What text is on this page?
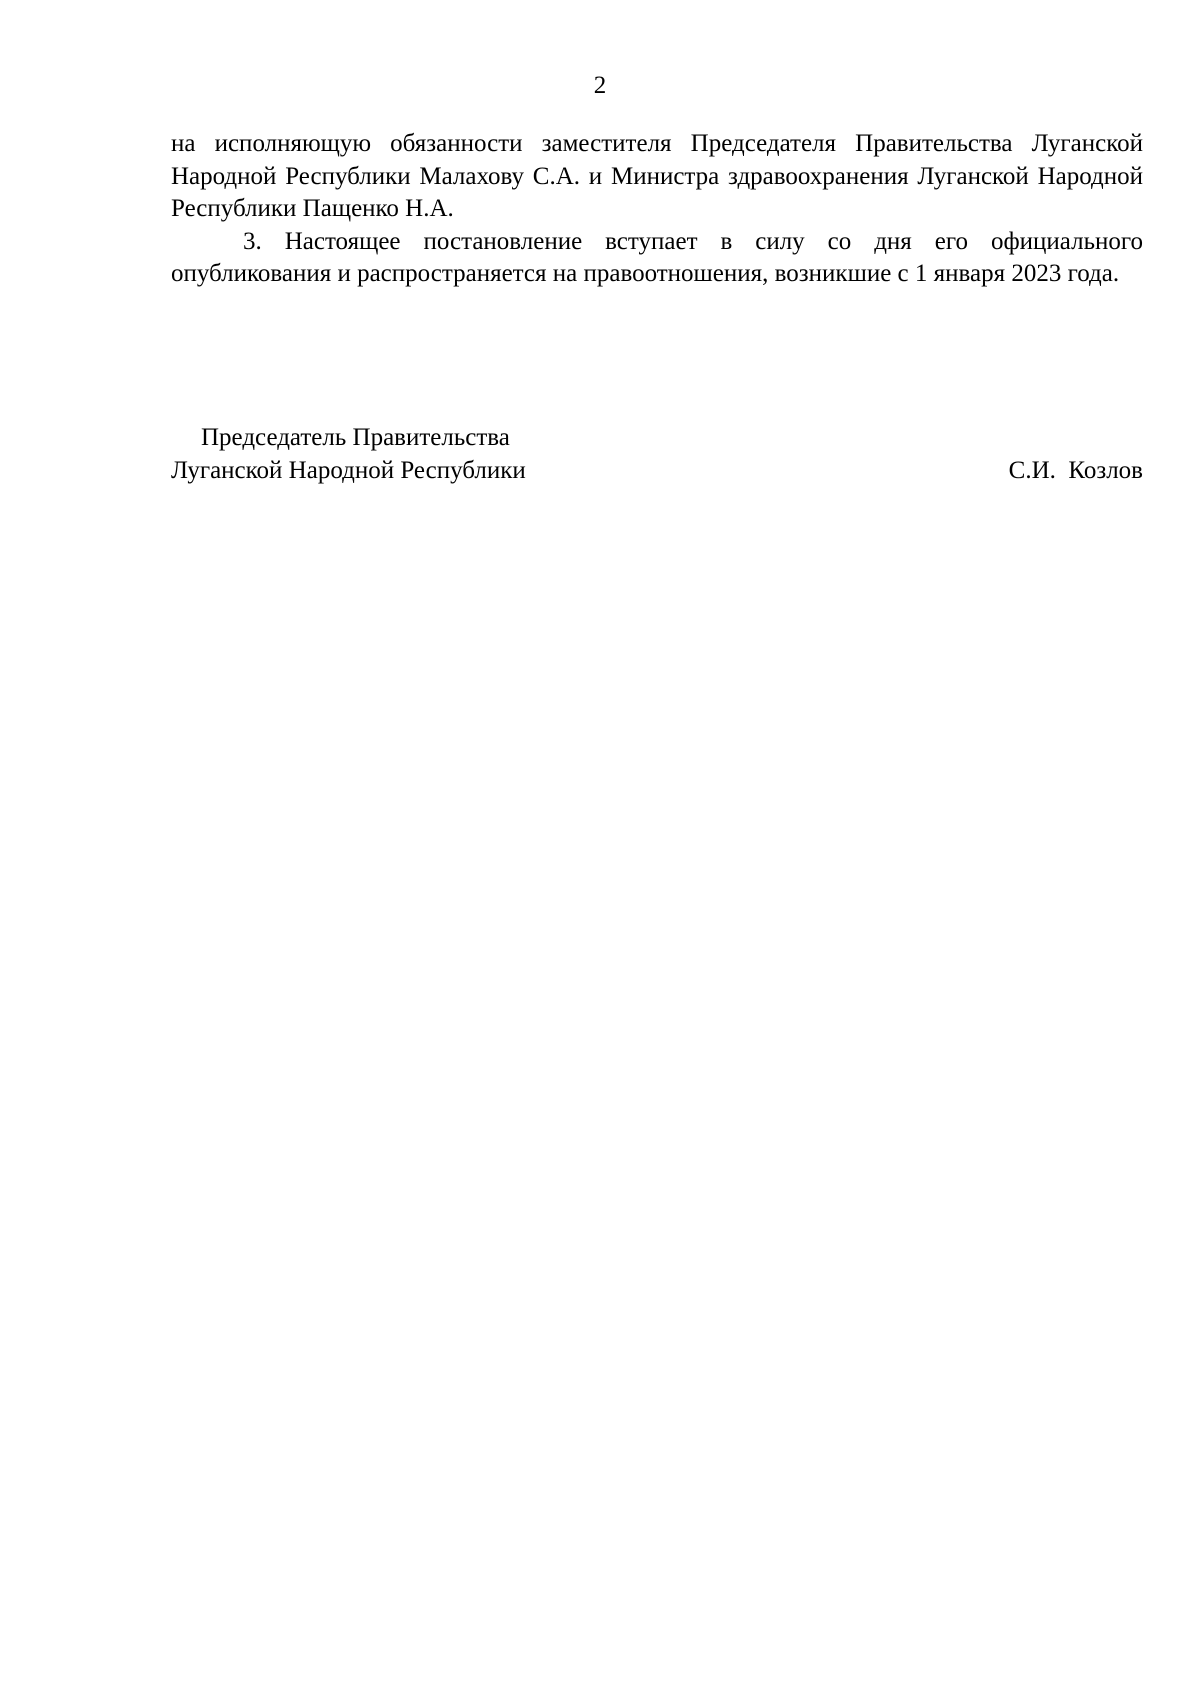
2

на исполняющую обязанности заместителя Председателя Правительства Луганской Народной Республики Малахову С.А. и Министра здравоохранения Луганской Народной Республики Пащенко Н.А.

3. Настоящее постановление вступает в силу со дня его официального опубликования и распространяется на правоотношения, возникшие с 1 января 2023 года.

Председатель Правительства
Луганской Народной Республики	С.И.  Козлов
